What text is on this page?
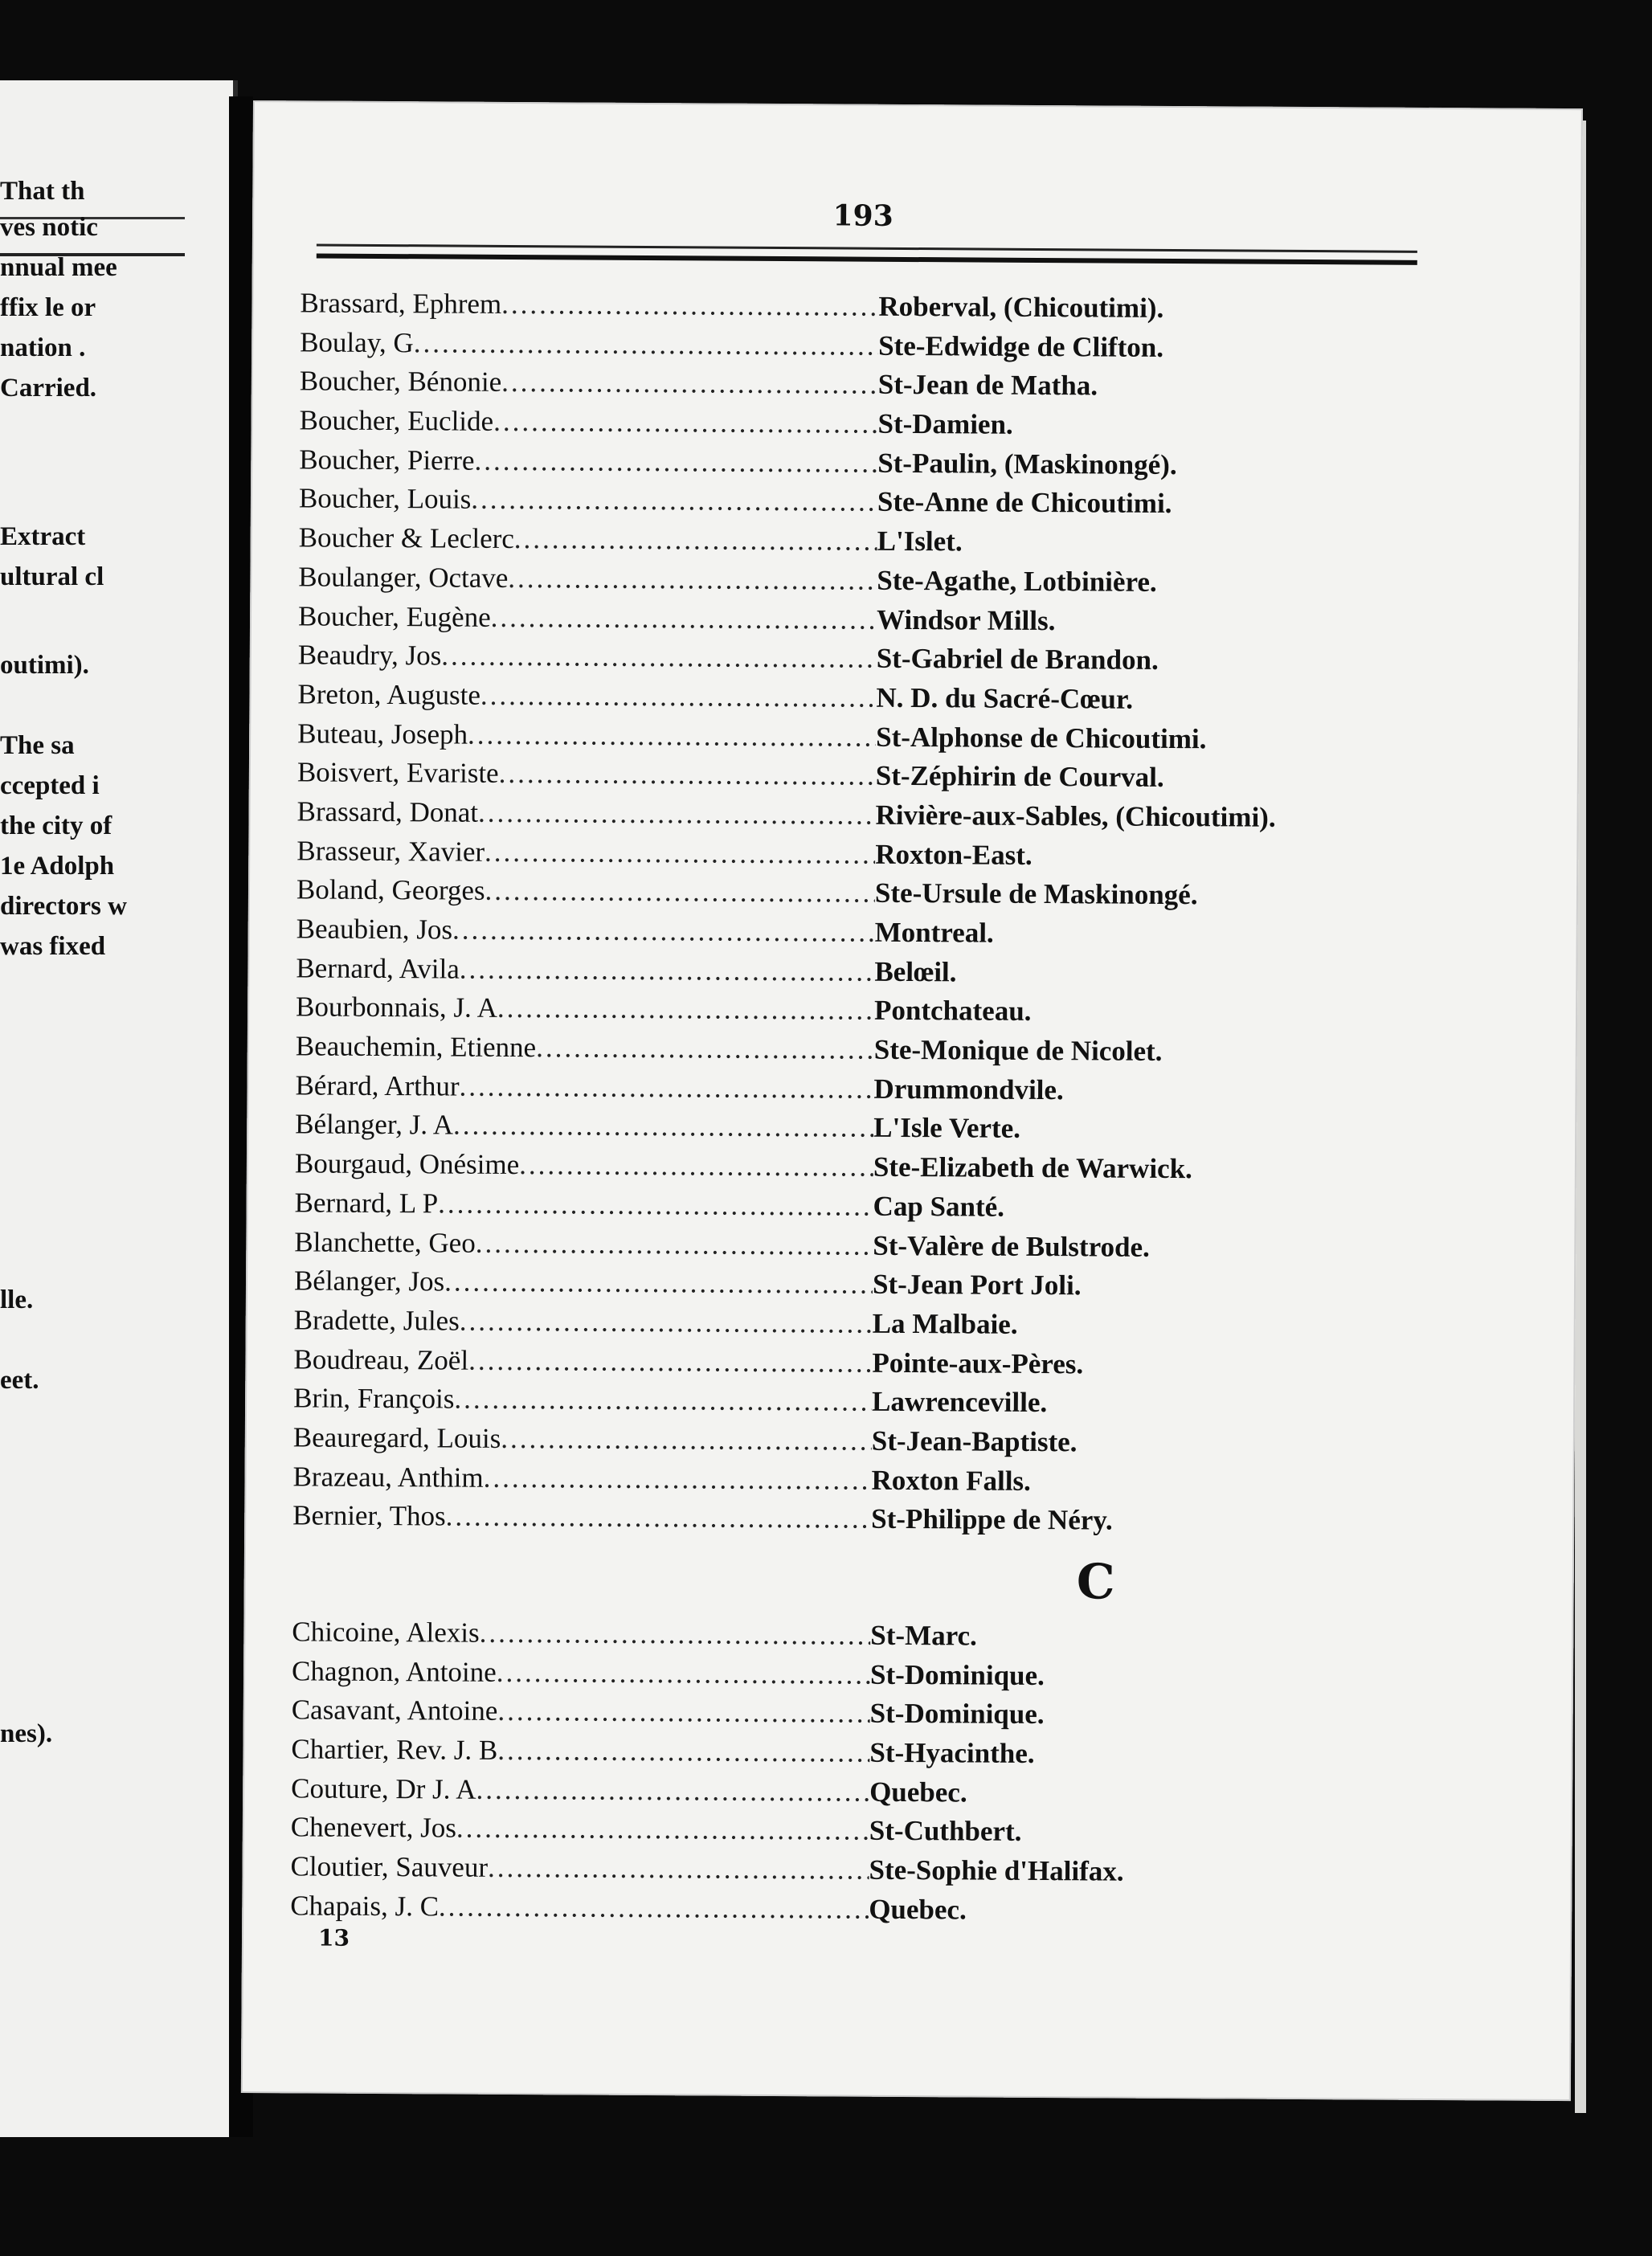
That th
ves notic
nnual mee
ffix le or
nation .
Carried.
Extract
ultural cl
outimi).
The sa
ccepted i
the city of
1e Adolph
directors w
was fixed
lle.
eet.
nes).
193
Brassard, Ephrem .....	Roberval, (Chicoutimi).
Boulay, G .....	Ste-Edwidge de Clifton.
Boucher, Bénonie .....	St-Jean de Matha.
Boucher, Euclide .....	St-Damien.
Boucher, Pierre .....	St-Paulin, (Maskinongé).
Boucher, Louis .....	Ste-Anne de Chicoutimi.
Boucher & Leclerc .....	L'Islet.
Boulanger, Octave .....	Ste-Agathe, Lotbinière.
Boucher, Eugène .....	Windsor Mills.
Beaudry, Jos .....	St-Gabriel de Brandon.
Breton, Auguste .....	N. D. du Sacré-Cœur.
Buteau, Joseph .....	St-Alphonse de Chicoutimi.
Boisvert, Evariste .....	St-Zéphirin de Courval.
Brassard, Donat .....	Rivière-aux-Sables, (Chicoutimi).
Brasseur, Xavier .....	Roxton-East.
Boland, Georges .....	Ste-Ursule de Maskinongé.
Beaubien, Jos .....	Montreal.
Bernard, Avila .....	Belœil.
Bourbonnais, J. A .....	Pontchateau.
Beauchemin, Etienne .....	Ste-Monique de Nicolet.
Bérard, Arthur .....	Drummondvile.
Bélanger, J. A .....	L'Isle Verte.
Bourgaud, Onésime .....	Ste-Elizabeth de Warwick.
Bernard, L P .....	Cap Santé.
Blanchette, Geo .....	St-Valère de Bulstrode.
Bélanger, Jos .....	St-Jean Port Joli.
Bradette, Jules .....	La Malbaie.
Boudreau, Zoël .....	Pointe-aux-Pères.
Brin, François .....	Lawrenceville.
Beauregard, Louis .....	St-Jean-Baptiste.
Brazeau, Anthim .....	Roxton Falls.
Bernier, Thos .....	St-Philippe de Néry.
C
Chicoine, Alexis .....	St-Marc.
Chagnon, Antoine .....	St-Dominique.
Casavant, Antoine .....	St-Dominique.
Chartier, Rev. J. B .....	St-Hyacinthe.
Couture, Dr J. A .....	Quebec.
Chenevert, Jos .....	St-Cuthbert.
Cloutier, Sauveur .....	Ste-Sophie d'Halifax.
Chapais, J. C .....	Quebec.
13
